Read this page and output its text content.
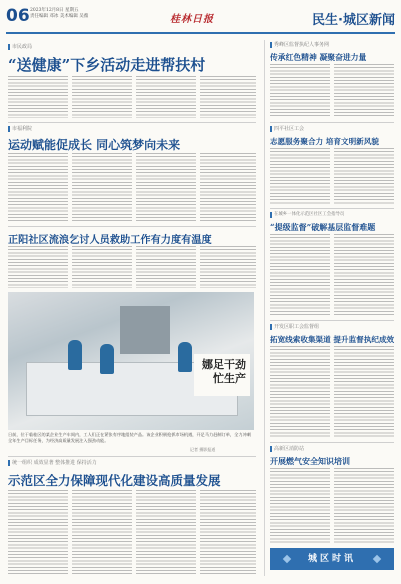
06 2023年12月8日 星期五
责任编辑 邓冰 美术编辑 吴薇	桂林日报	民生·城区新闻
市民政局
“送健康”下乡活动走进帮扶村
市福利院
运动赋能促成长 同心筑梦向未来
正阳社区流浪乞讨人员救助工作有力度有温度
娜足干劲
忙生产
日前，位于临桂区的某企业生产车间内，工人们正在紧张有序地组装产品。该企业积极抢抓市场机遇，开足马力赶制订单，全力冲刺全年生产目标任务，为经济高质量发展注入强劲动能。
记者 摄影报道
统一组织 成效显著 整体推进 保持活力
示范区全力保障现代化建设高质量发展
秀峰区监督执纪人事务网
传承红色精神 凝聚奋进力量
四平社区工会
志愿服务聚合力 培育文明新风貌
在城乡一体化示范区社区工会指导员
“提级监督”破解基层监督难题
开发区职工会监督组
拓宽线索收集渠道 提升监督执纪成效
高新区消防站
开展燃气安全知识培训
城区时讯
